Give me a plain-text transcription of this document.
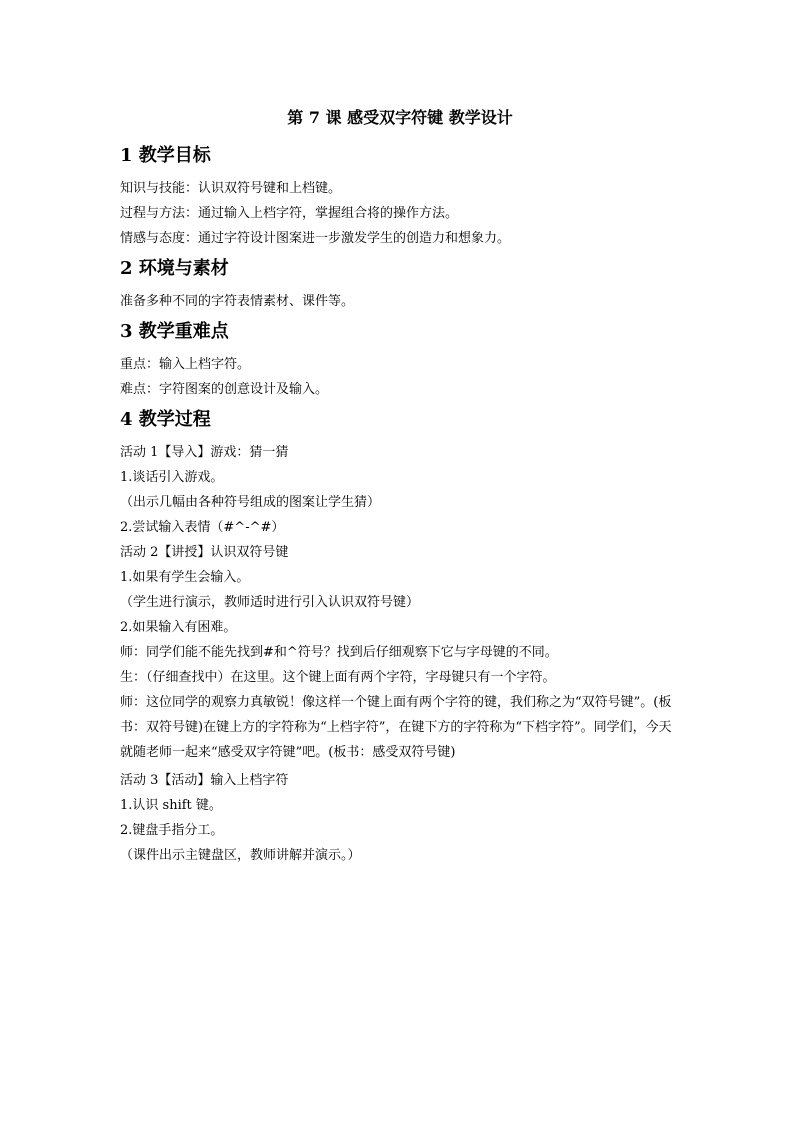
第 7 课 感受双字符键 教学设计
1 教学目标

知识与技能：认识双符号键和上档键。

过程与方法：通过输入上档字符，掌握组合将的操作方法。

情感与态度：通过字符设计图案进一步激发学生的创造力和想象力。

2 环境与素材

准备多种不同的字符表情素材、课件等。

3 教学重难点

重点：输入上档字符。

难点：字符图案的创意设计及输入。

4 教学过程

活动 1【导入】游戏：猜一猜

1.谈话引入游戏。

（出示几幅由各种符号组成的图案让学生猜）

2.尝试输入表情（#^-^#）

活动 2【讲授】认识双符号键

1.如果有学生会输入。

（学生进行演示，教师适时进行引入认识双符号键）

2.如果输入有困难。

师：同学们能不能先找到#和^符号？找到后仔细观察下它与字母键的不同。

生：（仔细查找中）在这里。这个键上面有两个字符，字母键只有一个字符。

师：这位同学的观察力真敏锐！像这样一个键上面有两个字符的键，我们称之为“双符号键”。(板书：双符号键)在键上方的字符称为“上档字符”，在键下方的字符称为“下档字符”。同学们，今天就随老师一起来“感受双字符键”吧。(板书：感受双符号键)

活动 3【活动】输入上档字符

1.认识 shift 键。

2.键盘手指分工。

（课件出示主键盘区，教师讲解并演示。）
